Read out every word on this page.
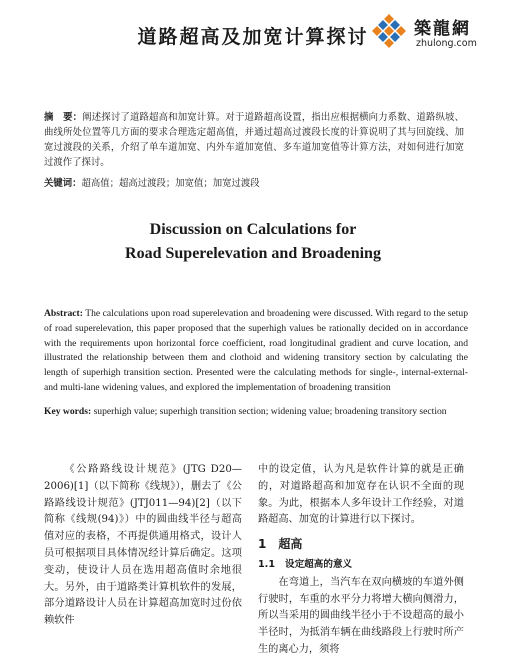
道路超高及加宽计算探讨	築龍網
zhulong.com
摘　要：阐述探讨了道路超高和加宽计算。对于道路超高设置，指出应根据横向力系数、道路纵坡、曲线所处位置等几方面的要求合理选定超高值，并通过超高过渡段长度的计算说明了其与回旋线、加宽过渡段的关系，介绍了单车道加宽、内外车道加宽值、多车道加宽值等计算方法，对如何进行加宽过渡作了探讨。
关键词：超高值；超高过渡段；加宽值；加宽过渡段
Discussion on Calculations for
Road Superelevation and Broadening
Abstract: The calculations upon road superelevation and broadening were discussed. With regard to the setup of road superelevation, this paper proposed that the superhigh values be rationally decided on in accordance with the requirements upon horizontal force coefficient, road longitudinal gradient and curve location, and illustrated the relationship between them and clothoid and widening transitory section by calculating the length of superhigh transition section. Presented were the calculating methods for single-, internal-external- and multi-lane widening values, and explored the implementation of broadening transition
Key words: superhigh value; superhigh transition section; widening value; broadening transitory section

《公路路线设计规范》(JTG D20—2006)[1]（以下简称《线规》），删去了《公路路线设计规范》(JTJ011—94)[2]（以下简称《线规(94)》）中的圆曲线半径与超高值对应的表格，不再提供通用格式，设计人员可根据项目具体情况经计算后确定。这项变动，使设计人员在选用超高值时余地很大。另外，由于道路类计算机软件的发展，部分道路设计人员在计算超高加宽时过份依赖软件

中的设定值，认为凡是软件计算的就是正确的，对道路超高和加宽存在认识不全面的现象。为此，根据本人多年设计工作经验，对道路超高、加宽的计算进行以下探讨。

1 超高
1.1 设定超高的意义

在弯道上，当汽车在双向横坡的车道外侧行驶时，车重的水平分力将增大横向侧滑力，所以当采用的圆曲线半径小于不设超高的最小半径时，为抵消车辆在曲线路段上行驶时所产生的离心力，须将
